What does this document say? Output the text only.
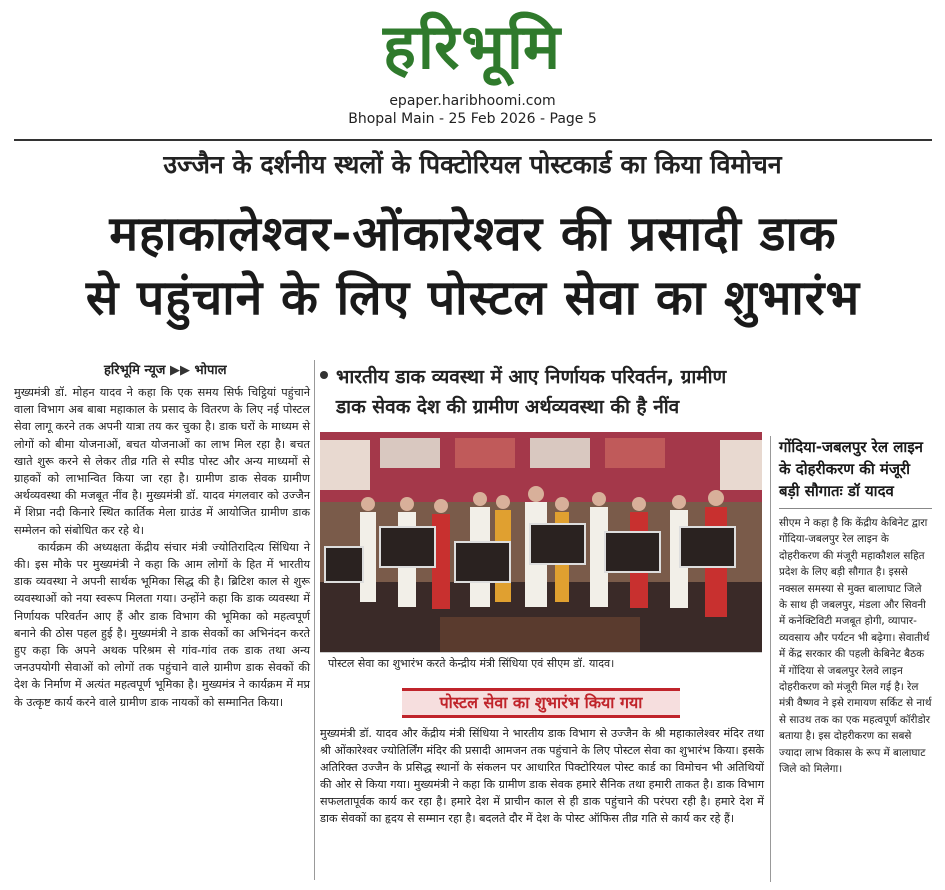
हरिभूमि
epaper.haribhoomi.com
Bhopal Main - 25 Feb 2026 - Page 5
उज्जैन के दर्शनीय स्थलों के पिक्टोरियल पोस्टकार्ड का किया विमोचन
महाकालेश्वर-ओंकारेश्वर की प्रसादी डाक
से पहुंचाने के लिए पोस्टल सेवा का शुभारंभ
हरिभूमि न्यूज ▶▶ भोपाल

मुख्यमंत्री डॉ. मोहन यादव ने कहा कि एक समय सिर्फ चिट्ठियां पहुंचाने वाला विभाग अब बाबा महाकाल के प्रसाद के वितरण के लिए नई पोस्टल सेवा लागू करने तक अपनी यात्रा तय कर चुका है। डाक घरों के माध्यम से लोगों को बीमा योजनाओं, बचत योजनाओं का लाभ मिल रहा है। बचत खाते शुरू करने से लेकर तीव्र गति से स्पीड पोस्ट और अन्य माध्यमों से ग्राहकों को लाभान्वित किया जा रहा है। ग्रामीण डाक सेवक ग्रामीण अर्थव्यवस्था की मजबूत नींव है। मुख्यमंत्री डॉ. यादव मंगलवार को उज्जैन में शिप्रा नदी किनारे स्थित कार्तिक मेला ग्राउंड में आयोजित ग्रामीण डाक सम्मेलन को संबोधित कर रहे थे।

कार्यक्रम की अध्यक्षता केंद्रीय संचार मंत्री ज्योतिरादित्य सिंधिया ने की। इस मौके पर मुख्यमंत्री ने कहा कि आम लोगों के हित में भारतीय डाक व्यवस्था ने अपनी सार्थक भूमिका सिद्ध की है। ब्रिटिश काल से शुरू व्यवस्थाओं को नया स्वरूप मिलता गया। उन्होंने कहा कि डाक व्यवस्था में निर्णायक परिवर्तन आए हैं और डाक विभाग की भूमिका को महत्वपूर्ण बनाने की ठोस पहल हुई है। मुख्यमंत्री ने डाक सेवकों का अभिनंदन करते हुए कहा कि अपने अथक परिश्रम से गांव-गांव तक डाक तथा अन्य जनउपयोगी सेवाओं को लोगों तक पहुंचाने वाले ग्रामीण डाक सेवकों की देश के निर्माण में अत्यंत महत्वपूर्ण भूमिका है। मुख्यमंत्र ने कार्यक्रम में मप्र के उत्कृष्ट कार्य करने वाले ग्रामीण डाक नायकों को सम्मानित किया।

भारतीय डाक व्यवस्था में आए निर्णायक परिवर्तन, ग्रामीण
डाक सेवक देश की ग्रामीण अर्थव्यवस्था की है नींव
पोस्टल सेवा का शुभारंभ करते केन्द्रीय मंत्री सिंधिया एवं सीएम डॉ. यादव।
पोस्टल सेवा का शुभारंभ किया गया

मुख्यमंत्री डॉ. यादव और केंद्रीय मंत्री सिंधिया ने भारतीय डाक विभाग से उज्जैन के श्री महाकालेश्वर मंदिर तथा श्री ओंकारेश्वर ज्योतिर्लिंग मंदिर की प्रसादी आमजन तक पहुंचाने के लिए पोस्टल सेवा का शुभारंभ किया। इसके अतिरिक्त उज्जैन के प्रसिद्ध स्थानों के संकलन पर आधारित पिक्टोरियल पोस्ट कार्ड का विमोचन भी अतिथियों की ओर से किया गया। मुख्यमंत्री ने कहा कि ग्रामीण डाक सेवक हमारे सैनिक तथा हमारी ताकत है। डाक विभाग सफलतापूर्वक कार्य कर रहा है। हमारे देश में प्राचीन काल से ही डाक पहुंचाने की परंपरा रही है। हमारे देश में डाक सेवकों का हृदय से सम्मान रहा है। बदलते दौर में देश के पोस्ट ऑफिस तीव्र गति से कार्य कर रहे हैं।

गोंदिया-जबलपुर रेल लाइन के दोहरीकरण की मंजूरी बड़ी सौगातः डॉ यादव
सीएम ने कहा है कि केंद्रीय केबिनेट द्वारा गोंदिया-जबलपुर रेल लाइन के दोहरीकरण की मंजूरी महाकौशल सहित प्रदेश के लिए बड़ी सौगात है। इससे नक्सल समस्या से मुक्त बालाघाट जिले के साथ ही जबलपुर, मंडला और सिवनी में कनेक्टिविटी मजबूत होगी, व्यापार-व्यवसाय और पर्यटन भी बढ़ेगा। सेवातीर्थ में केंद्र सरकार की पहली केबिनेट बैठक में गोंदिया से जबलपुर रेलवे लाइन दोहरीकरण को मंजूरी मिल गई है। रेल मंत्री वैष्णव ने इसे रामायण सर्किट से नार्थ से साउथ तक का एक महत्वपूर्ण कॉरीडोर बताया है। इस दोहरीकरण का सबसे ज्यादा लाभ विकास के रूप में बालाघाट जिले को मिलेगा।
